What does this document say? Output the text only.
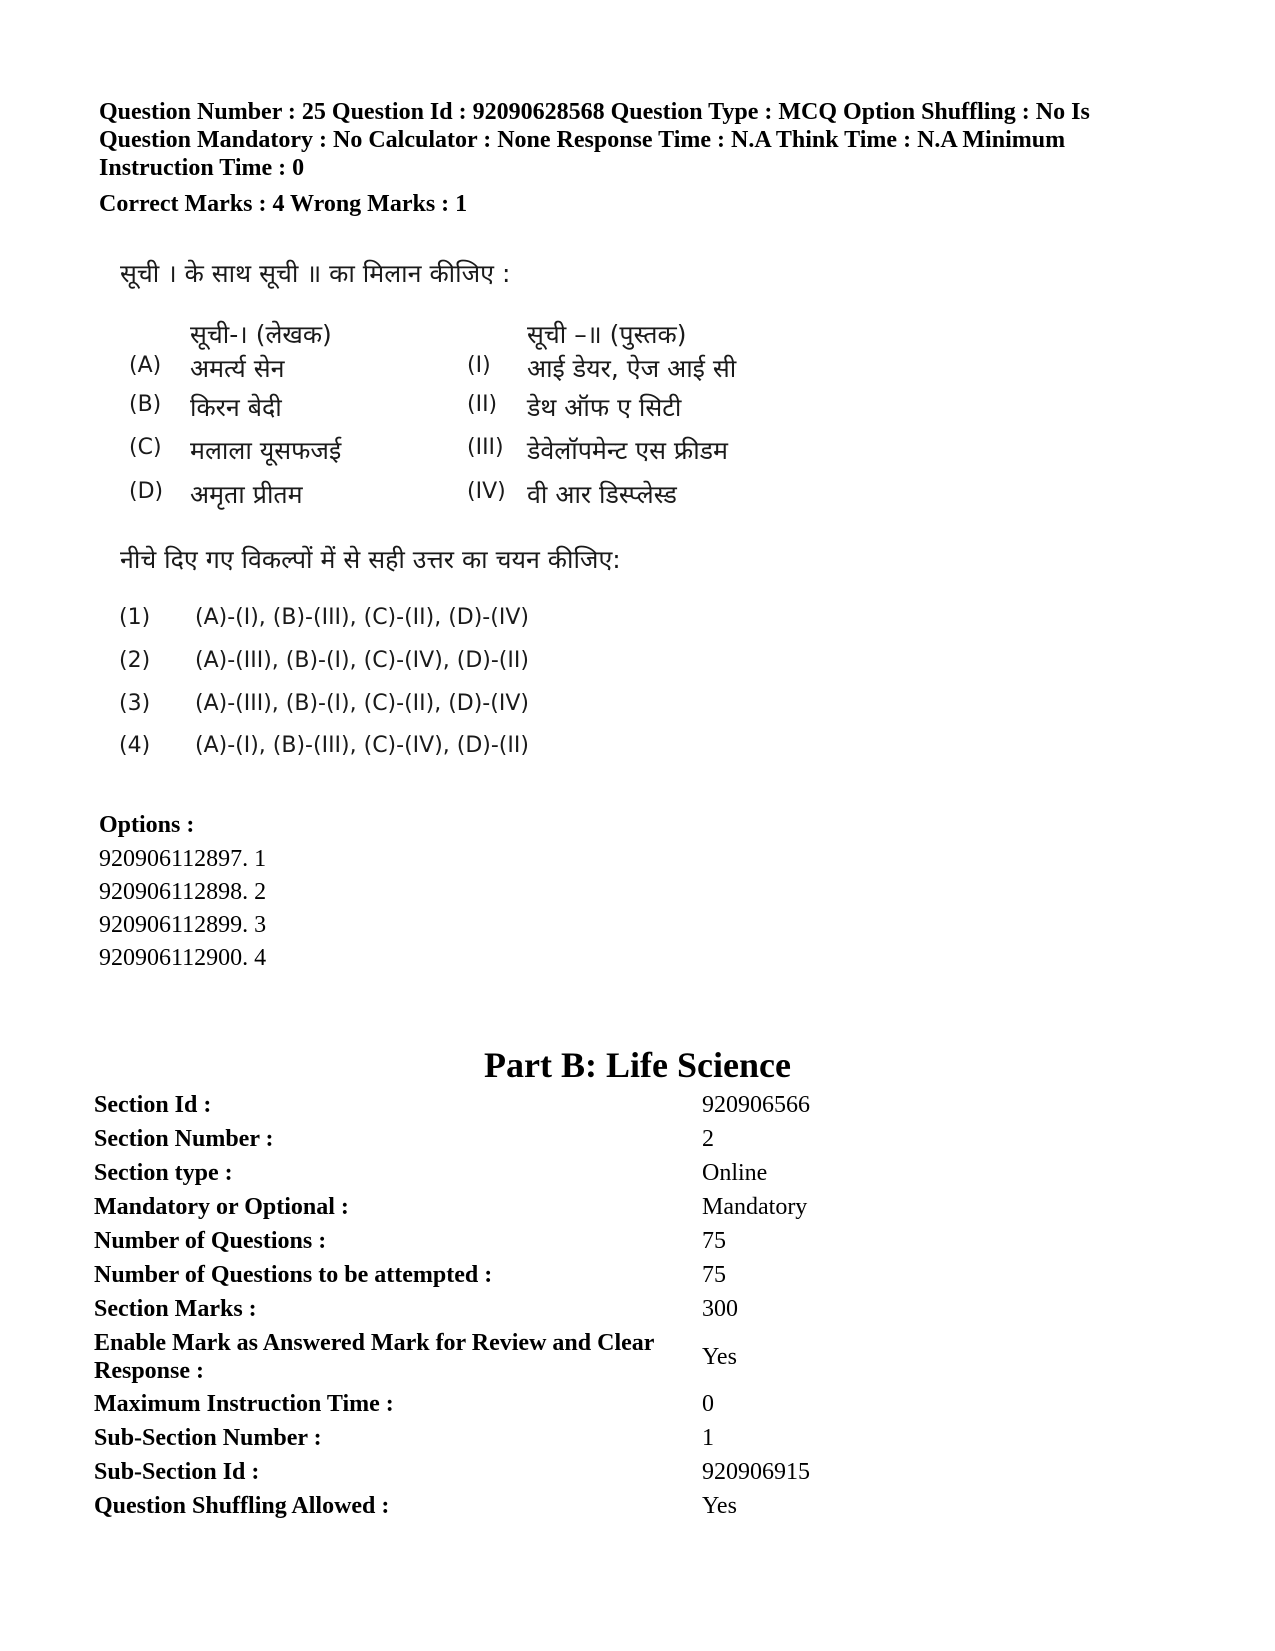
Question Number : 25 Question Id : 92090628568 Question Type : MCQ Option Shuffling : No Is Question Mandatory : No Calculator : None Response Time : N.A Think Time : N.A Minimum Instruction Time : 0
Correct Marks : 4 Wrong Marks : 1
सूची । के साथ सूची ॥ का मिलान कीजिए :
सूची-। (लेखक)	सूची –॥ (पुस्तक)
(A) अमर्त्य सेन	(I) आई डेयर, ऐज आई सी
(B) किरन बेदी	(II) डेथ ऑफ ए सिटी
(C) मलाला यूसफजई	(III) डेवेलॉपमेन्ट एस फ्रीडम
(D) अमृता प्रीतम	(IV) वी आर डिस्प्लेस्ड
नीचे दिए गए विकल्पों में से सही उत्तर का चयन कीजिए:
(1) (A)-(I), (B)-(III), (C)-(II), (D)-(IV)
(2) (A)-(III), (B)-(I), (C)-(IV), (D)-(II)
(3) (A)-(III), (B)-(I), (C)-(II), (D)-(IV)
(4) (A)-(I), (B)-(III), (C)-(IV), (D)-(II)
Options :
920906112897. 1
920906112898. 2
920906112899. 3
920906112900. 4
Part B: Life Science
Section Id :	920906566
Section Number :	2
Section type :	Online
Mandatory or Optional :	Mandatory
Number of Questions :	75
Number of Questions to be attempted :	75
Section Marks :	300
Enable Mark as Answered Mark for Review and Clear Response :
Yes
Maximum Instruction Time :	0
Sub-Section Number :	1
Sub-Section Id :	920906915
Question Shuffling Allowed :	Yes
